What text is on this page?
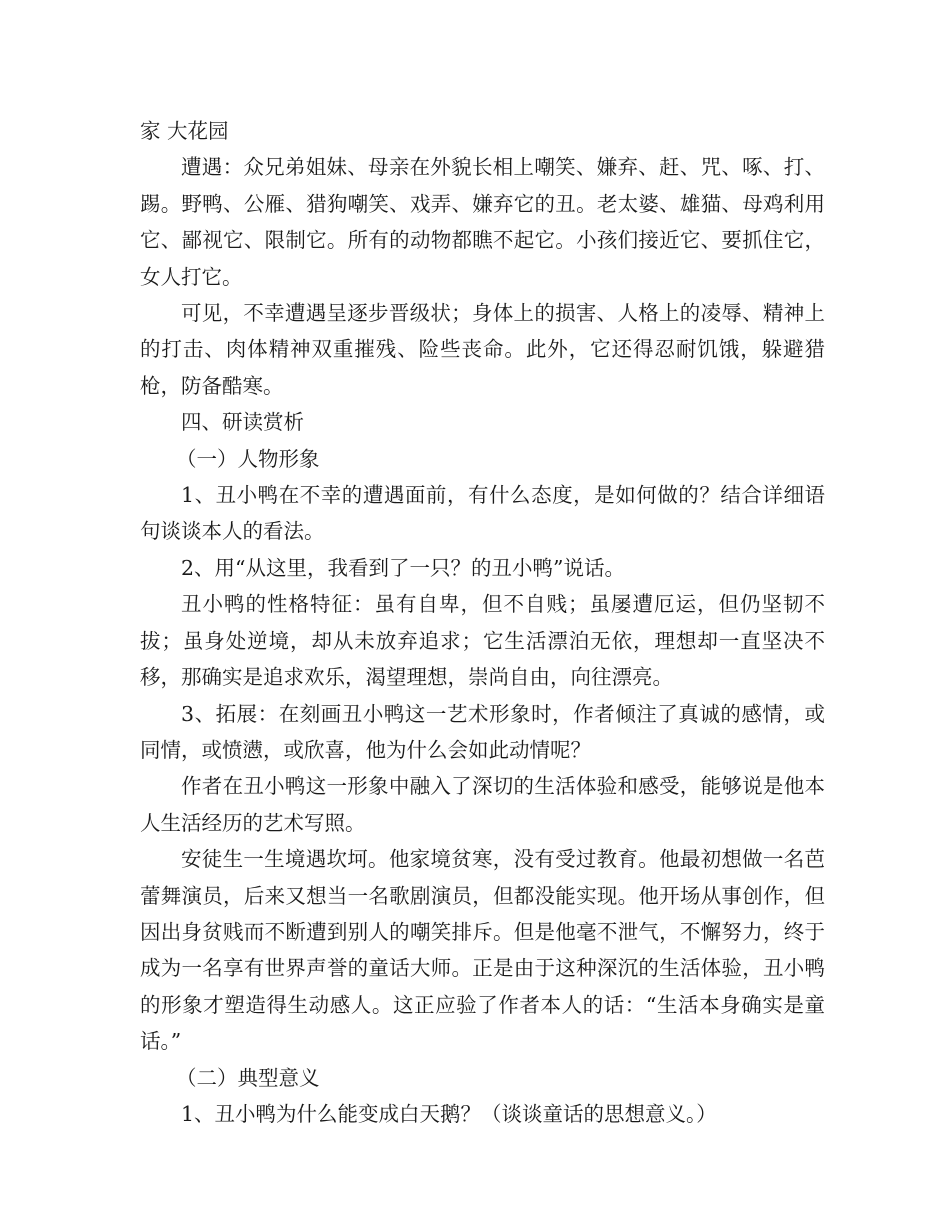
家 大花园

遭遇：众兄弟姐妹、母亲在外貌长相上嘲笑、嫌弃、赶、咒、啄、打、踢。野鸭、公雁、猎狗嘲笑、戏弄、嫌弃它的丑。老太婆、雄猫、母鸡利用它、鄙视它、限制它。所有的动物都瞧不起它。小孩们接近它、要抓住它，女人打它。

可见，不幸遭遇呈逐步晋级状；身体上的损害、人格上的凌辱、精神上的打击、肉体精神双重摧残、险些丧命。此外，它还得忍耐饥饿，躲避猎枪，防备酷寒。

四、研读赏析

（一）人物形象

1、丑小鸭在不幸的遭遇面前，有什么态度，是如何做的？结合详细语句谈谈本人的看法。

2、用“从这里，我看到了一只？的丑小鸭”说话。

丑小鸭的性格特征：虽有自卑，但不自贱；虽屡遭厄运，但仍坚韧不拔；虽身处逆境，却从未放弃追求；它生活漂泊无依，理想却一直坚决不移，那确实是追求欢乐，渴望理想，崇尚自由，向往漂亮。

3、拓展：在刻画丑小鸭这一艺术形象时，作者倾注了真诚的感情，或同情，或愤懑，或欣喜，他为什么会如此动情呢？

作者在丑小鸭这一形象中融入了深切的生活体验和感受，能够说是他本人生活经历的艺术写照。

安徒生一生境遇坎坷。他家境贫寒，没有受过教育。他最初想做一名芭蕾舞演员，后来又想当一名歌剧演员，但都没能实现。他开场从事创作，但因出身贫贱而不断遭到别人的嘲笑排斥。但是他毫不泄气，不懈努力，终于成为一名享有世界声誉的童话大师。正是由于这种深沉的生活体验，丑小鸭的形象才塑造得生动感人。这正应验了作者本人的话：“生活本身确实是童话。”

（二）典型意义

1、丑小鸭为什么能变成白天鹅？（谈谈童话的思想意义。）
